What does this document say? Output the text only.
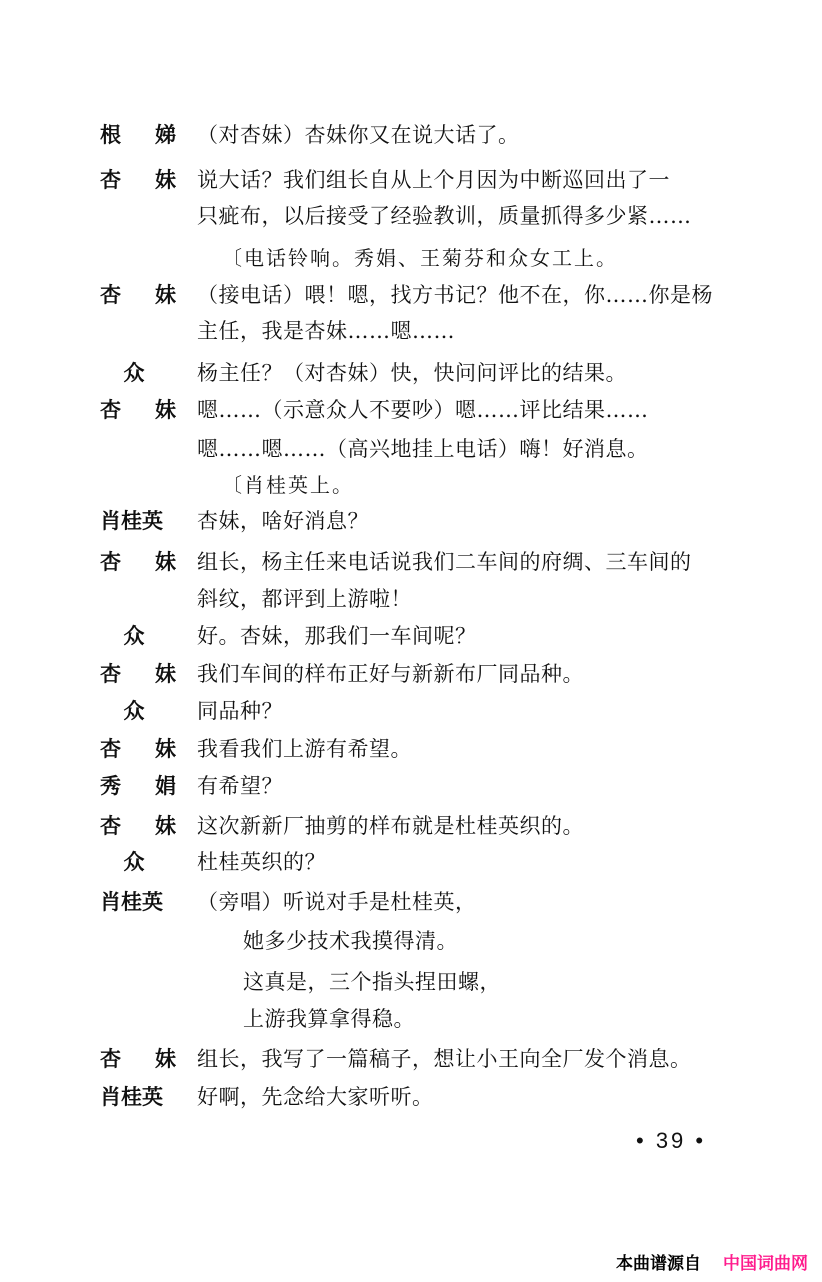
根 娣 （对杏妹）杏妹你又在说大话了。
杏 妹 说大话？我们组长自从上个月因为中断巡回出了一
只疵布，以后接受了经验教训，质量抓得多少紧……
〔电话铃响。秀娟、王菊芬和众女工上。
杏 妹 （接电话）喂！嗯，找方书记？他不在，你……你是杨
主任，我是杏妹……嗯……
众	杨主任？（对杏妹）快，快问问评比的结果。
杏 妹 嗯……（示意众人不要吵）嗯……评比结果……
嗯……嗯……（高兴地挂上电话）嗨！好消息。
〔肖桂英上。
肖桂英 杏妹，啥好消息？
杏 妹 组长，杨主任来电话说我们二车间的府绸、三车间的
斜纹，都评到上游啦！
众	好。杏妹，那我们一车间呢？
杏 妹 我们车间的样布正好与新新布厂同品种。
众	同品种？
杏 妹 我看我们上游有希望。
秀 娟 有希望？
杏 妹 这次新新厂抽剪的样布就是杜桂英织的。
众	杜桂英织的？
肖桂英 （旁唱）听说对手是杜桂英，
她多少技术我摸得清。
这真是，三个指头捏田螺，
上游我算拿得稳。
杏 妹 组长，我写了一篇稿子，想让小王向全厂发个消息。
肖桂英 好啊，先念给大家听听。
• 39 •
本曲谱源自 中国词曲网
